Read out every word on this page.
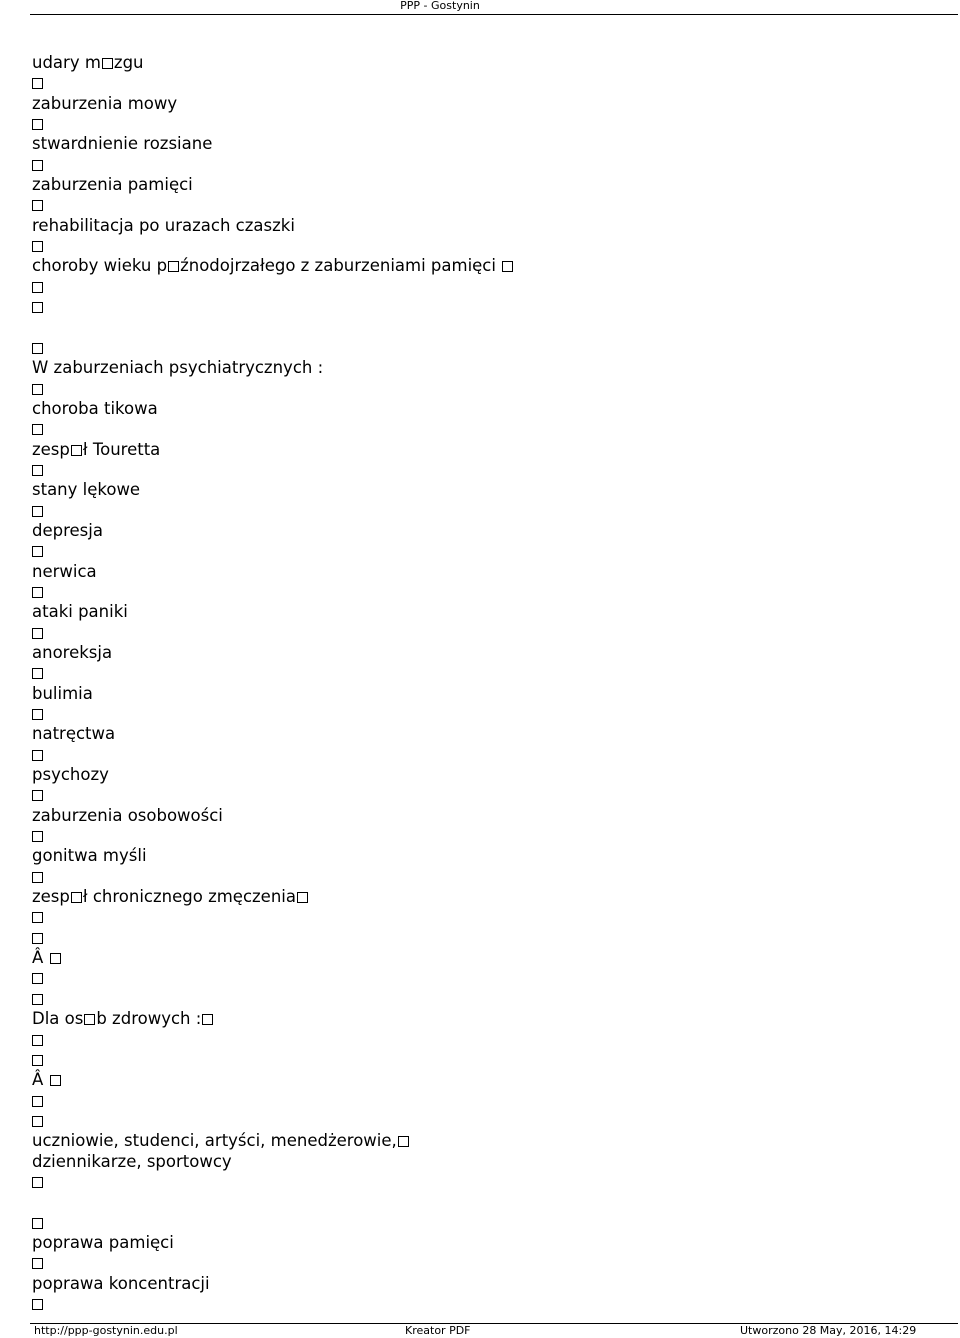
PPP - Gostynin
udary m zgu
zaburzenia mowy
stwardnienie rozsiane
zaburzenia pamięci
rehabilitacja po urazach czaszki
choroby wieku p źnodojrzałego z zaburzeniami pamięci
W zaburzeniach psychiatrycznych :
choroba tikowa
zesp ł Touretta
stany lękowe
depresja
nerwica
ataki paniki
anoreksja
bulimia
natręctwa
psychozy
zaburzenia osobowości
gonitwa myśli
zesp ł chronicznego zmęczenia
Â
Dla os b zdrowych :
Â
uczniowie, studenci, artyści, menedżerowie,
dziennikarze, sportowcy
poprawa pamięci
poprawa koncentracji
http://ppp-gostynin.edu.pl	Kreator PDF	Utworzono 28 May, 2016, 14:29
